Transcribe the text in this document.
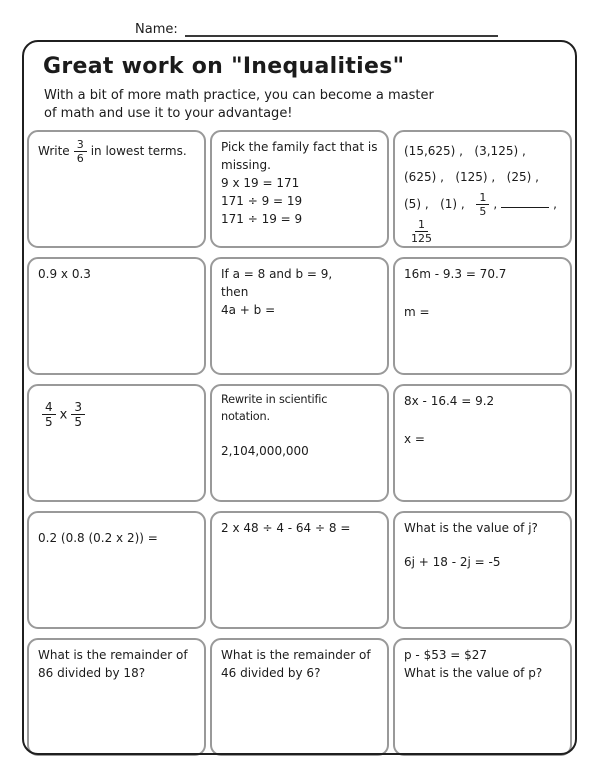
Name:
Great work on "Inequalities"
With a bit of more math practice, you can become a master
of math and use it to your advantage!
Write $\frac{3}{6}$ in lowest terms.	Pick the family fact that is missing.
9 x 19 = 171
171 ÷ 9 = 19
171 ÷ 19 = 9
(15,625) ,   (3,125) ,
(625) ,   (125) ,   (25) ,
(5) ,   (1) , $\frac{1}{5}$ ,	,
$\frac{1}{125}$
0.9 x 0.3	If a = 8 and b = 9,
then
4a + b =
16m - 9.3 = 70.7
m =
$\frac{4}{5}$ x $\frac{3}{5}$
Rewrite in scientific notation.
2,104,000,000
8x - 16.4 = 9.2
x =
0.2 (0.8 (0.2 x 2)) =
2 x 48 ÷ 4 - 64 ÷ 8 =	What is the value of j?
6j + 18 - 2j = -5
What is the remainder of 86 divided by 18?
What is the remainder of 46 divided by 6?
p - $53 = $27
What is the value of p?
